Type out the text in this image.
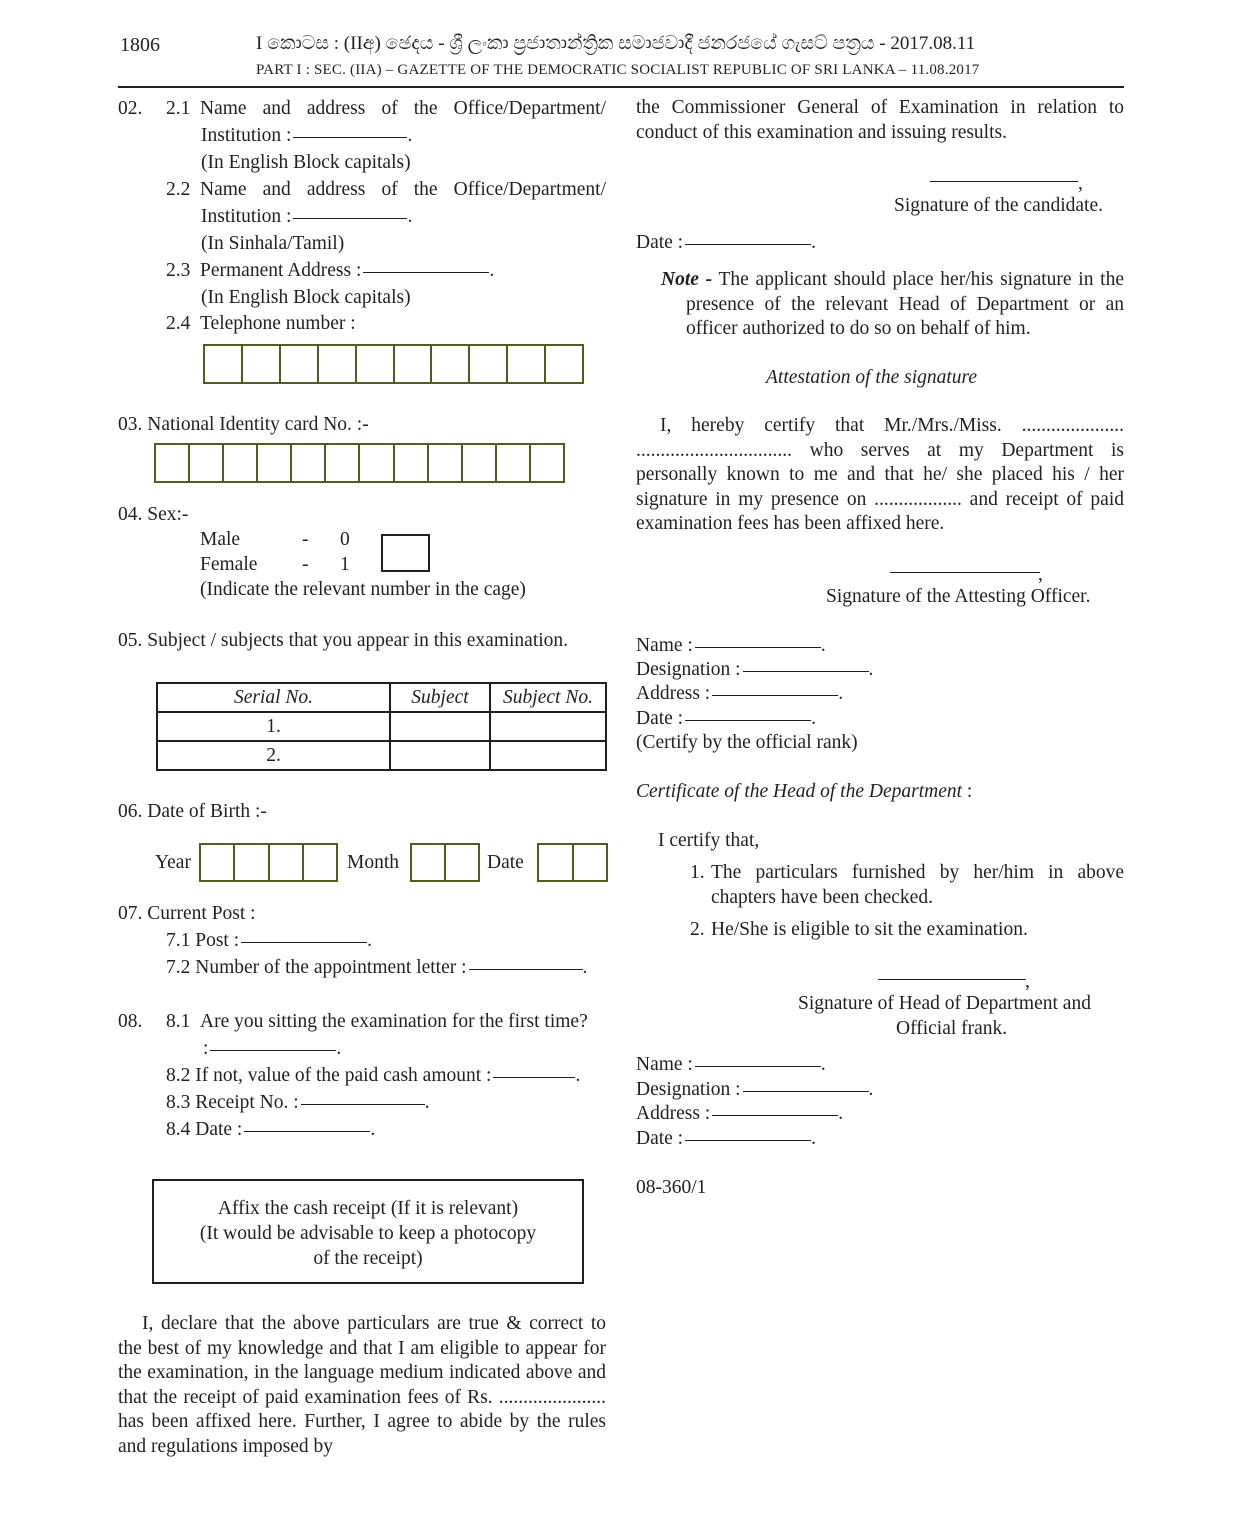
1806	I කොටස : (IIඅ) ඡෙදය - ශ්‍රී ලංකා ප්‍රජාතාන්ත්‍රික සමාජවාදී ජනරජයේ ගැසට් පත්‍රය - 2017.08.11
PART I : SEC. (IIA) – GAZETTE OF THE DEMOCRATIC SOCIALIST REPUBLIC OF SRI LANKA – 11.08.2017
02. 2.1 Name and address of the Office/Department/
Institution :	.
(In English Block capitals)
2.2 Name and address of the Office/Department/
Institution :	.
(In Sinhala/Tamil)
2.3 Permanent Address :	.
(In English Block capitals)
2.4 Telephone number :
03. National Identity card No. :-
04. Sex:-
Male	- 0
Female - 1
(Indicate the relevant number in the cage)
05. Subject / subjects that you appear in this examination.
Serial No.	Subject	Subject No.
1.		
2.		
06. Date of Birth :-
Year	Month	Date
07. Current Post :
7.1 Post :	.
7.2 Number of the appointment letter :	.
08. 8.1 Are you sitting the examination for the first time?
:	.
8.2 If not, value of the paid cash amount :	.
8.3 Receipt No. :	.
8.4 Date :	.
Affix the cash receipt (If it is relevant)
(It would be advisable to keep a photocopy
of the receipt)
I, declare that the above particulars are true & correct to the best of my knowledge and that I am eligible to appear for the examination, in the language medium indicated above and that the receipt of paid examination fees of Rs. ...................... has been affixed here. Further, I agree to abide by the rules and regulations imposed by
the Commissioner General of Examination in relation to conduct of this examination and issuing results.
,
Signature of the candidate.
Date :	.
Note - The applicant should place her/his signature in the presence of the relevant Head of Department or an officer authorized to do so on behalf of him.
Attestation of the signature
I, hereby certify that Mr./Mrs./Miss. ..................... ................................ who serves at my Department is personally known to me and that he/ she placed his / her signature in my presence on .................. and receipt of paid examination fees has been affixed here.
,
Signature of the Attesting Officer.
Name :	.
Designation :	.
Address :	.
Date :	.
(Certify by the official rank)
Certificate of the Head of the Department :
I certify that,
1. The particulars furnished by her/him in above
chapters have been checked.
2. He/She is eligible to sit the examination.
,
Signature of Head of Department and
Official frank.
Name :	.
Designation :	.
Address :	.
Date :	.
08-360/1
